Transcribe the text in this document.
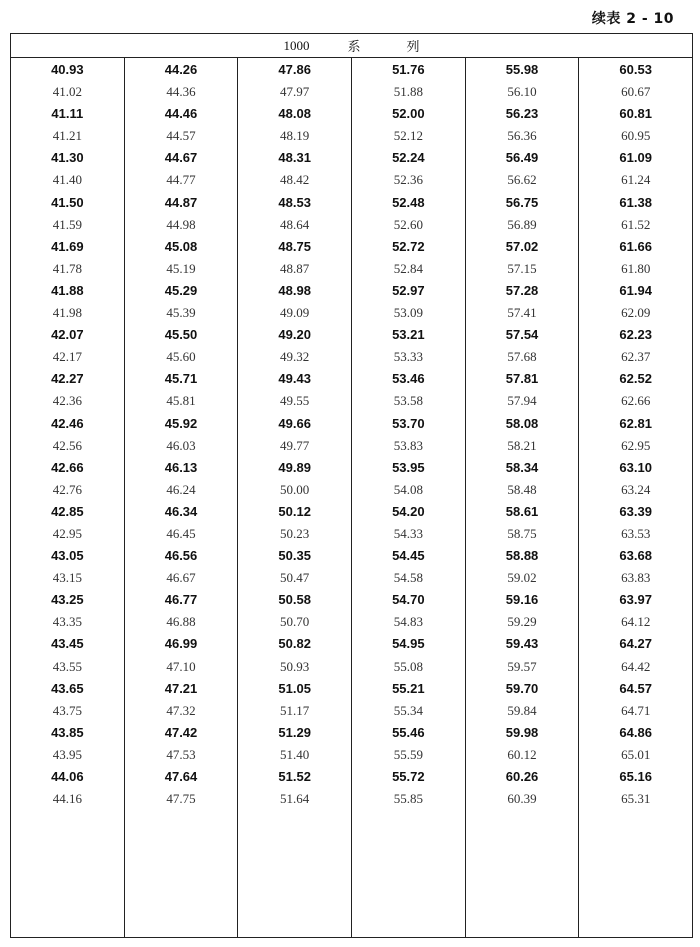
续表 2 - 10
1000	系	列
40.93
41.02
41.11
41.21
41.30
41.40
41.50
41.59
41.69
41.78
41.88
41.98
42.07
42.17
42.27
42.36
42.46
42.56
42.66
42.76
42.85
42.95
43.05
43.15
43.25
43.35
43.45
43.55
43.65
43.75
43.85
43.95
44.06
44.16
44.26
44.36
44.46
44.57
44.67
44.77
44.87
44.98
45.08
45.19
45.29
45.39
45.50
45.60
45.71
45.81
45.92
46.03
46.13
46.24
46.34
46.45
46.56
46.67
46.77
46.88
46.99
47.10
47.21
47.32
47.42
47.53
47.64
47.75
47.86
47.97
48.08
48.19
48.31
48.42
48.53
48.64
48.75
48.87
48.98
49.09
49.20
49.32
49.43
49.55
49.66
49.77
49.89
50.00
50.12
50.23
50.35
50.47
50.58
50.70
50.82
50.93
51.05
51.17
51.29
51.40
51.52
51.64
51.76
51.88
52.00
52.12
52.24
52.36
52.48
52.60
52.72
52.84
52.97
53.09
53.21
53.33
53.46
53.58
53.70
53.83
53.95
54.08
54.20
54.33
54.45
54.58
54.70
54.83
54.95
55.08
55.21
55.34
55.46
55.59
55.72
55.85
55.98
56.10
56.23
56.36
56.49
56.62
56.75
56.89
57.02
57.15
57.28
57.41
57.54
57.68
57.81
57.94
58.08
58.21
58.34
58.48
58.61
58.75
58.88
59.02
59.16
59.29
59.43
59.57
59.70
59.84
59.98
60.12
60.26
60.39
60.53
60.67
60.81
60.95
61.09
61.24
61.38
61.52
61.66
61.80
61.94
62.09
62.23
62.37
62.52
62.66
62.81
62.95
63.10
63.24
63.39
63.53
63.68
63.83
63.97
64.12
64.27
64.42
64.57
64.71
64.86
65.01
65.16
65.31
